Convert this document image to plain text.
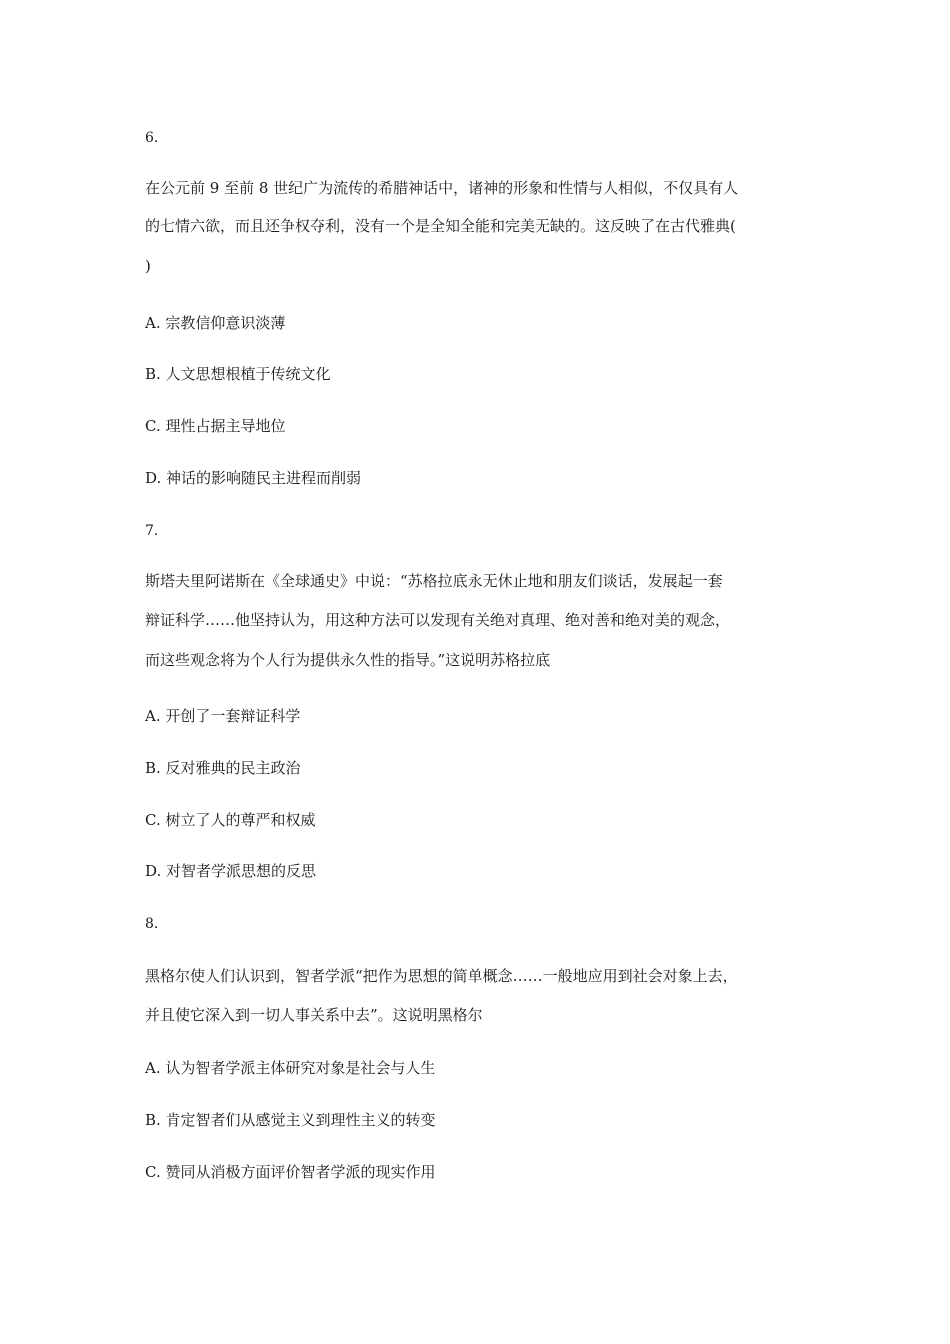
6.
在公元前 9 至前 8 世纪广为流传的希腊神话中，诸神的形象和性情与人相似，不仅具有人
的七情六欲，而且还争权夺利，没有一个是全知全能和完美无缺的。这反映了在古代雅典(
)
A. 宗教信仰意识淡薄
B. 人文思想根植于传统文化
C. 理性占据主导地位
D. 神话的影响随民主进程而削弱
7.
斯塔夫里阿诺斯在《全球通史》中说：“苏格拉底永无休止地和朋友们谈话，发展起一套
辩证科学……他坚持认为，用这种方法可以发现有关绝对真理、绝对善和绝对美的观念，
而这些观念将为个人行为提供永久性的指导。”这说明苏格拉底
A. 开创了一套辩证科学
B. 反对雅典的民主政治
C. 树立了人的尊严和权威
D. 对智者学派思想的反思
8.
黑格尔使人们认识到，智者学派“把作为思想的简单概念……一般地应用到社会对象上去，
并且使它深入到一切人事关系中去”。这说明黑格尔
A. 认为智者学派主体研究对象是社会与人生
B. 肯定智者们从感觉主义到理性主义的转变
C. 赞同从消极方面评价智者学派的现实作用
